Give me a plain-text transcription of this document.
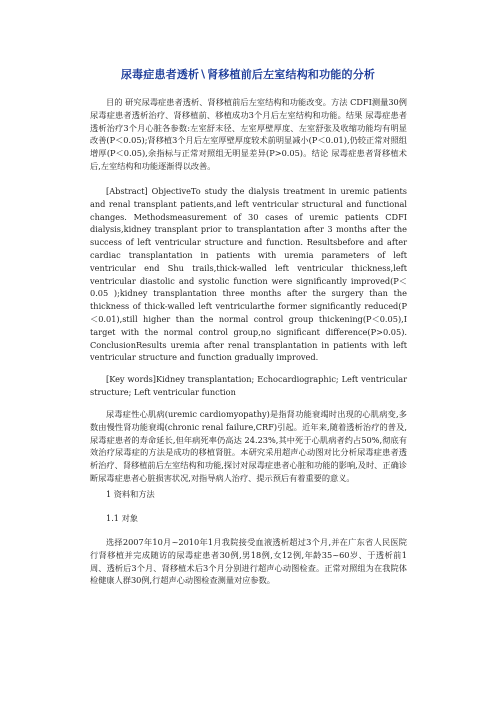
尿毒症患者透析∖肾移植前后左室结构和功能的分析
目的 研究尿毒症患者透析、肾移植前后左室结构和功能改变。方法 CDFI测量30例尿毒症患者透析治疗、肾移植前、移植成功3个月后左室结构和功能。结果 尿毒症患者透析治疗3个月心脏各参数:左室舒末径、左室厚壁厚度、左室舒张及收缩功能均有明显改善(P＜0.05);肾移植3个月后左室厚壁厚度较术前明显减小(P＜0.01),仍较正常对照组增厚(P＜0.05),余指标与正常对照组无明显差异(P>0.05)。结论 尿毒症患者肾移植术后,左室结构和功能逐渐得以改善。
[Abstract] ObjectiveTo study the dialysis treatment in uremic patients and renal transplant patients,and left ventricular structural and functional changes. Methodsmeasurement of 30 cases of uremic patients CDFI dialysis,kidney transplant prior to transplantation after 3 months after the success of left ventricular structure and function. Resultsbefore and after cardiac transplantation in patients with uremia parameters of left ventricular end Shu trails,thick-walled left ventricular thickness,left ventricular diastolic and systolic function were significantly improved(P＜0.05 );kidney transplantation three months after the surgery than the thickness of thick-walled left ventricularthe former significantly reduced(P＜0.01),still higher than the normal control group thickening(P＜0.05),I target with the normal control group,no significant difference(P>0.05). ConclusionResults uremia after renal transplantation in patients with left ventricular structure and function gradually improved.
[Key words]Kidney transplantation; Echocardiographic; Left ventricular structure; Left ventricular function
尿毒症性心肌病(uremic cardiomyopathy)是指肾功能衰竭时出现的心肌病变,多数由慢性肾功能衰竭(chronic renal failure,CRF)引起。近年来,随着透析治疗的普及,尿毒症患者的寿命延长,但年病死率仍高达 24.23%,其中死于心肌病者约占50%,彻底有效治疗尿毒症的方法是成功的移植肾脏。本研究采用超声心动图对比分析尿毒症患者透析治疗、肾移植前后左室结构和功能,探讨对尿毒症患者心脏和功能的影响,及时、正确诊断尿毒症患者心脏损害状况,对指导病人治疗、提示预后有着重要的意义。
1 资料和方法
1.1 对象
选择2007年10月~2010年1月我院接受血液透析超过3个月,并在广东省人民医院行肾移植并完成随访的尿毒症患者30例,男18例,女12例,年龄35~60岁、于透析前1周、透析后3个月、肾移植术后3个月分别进行超声心动图检查。正常对照组为在我院体检健康人群30例,行超声心动图检查测量对应参数。
